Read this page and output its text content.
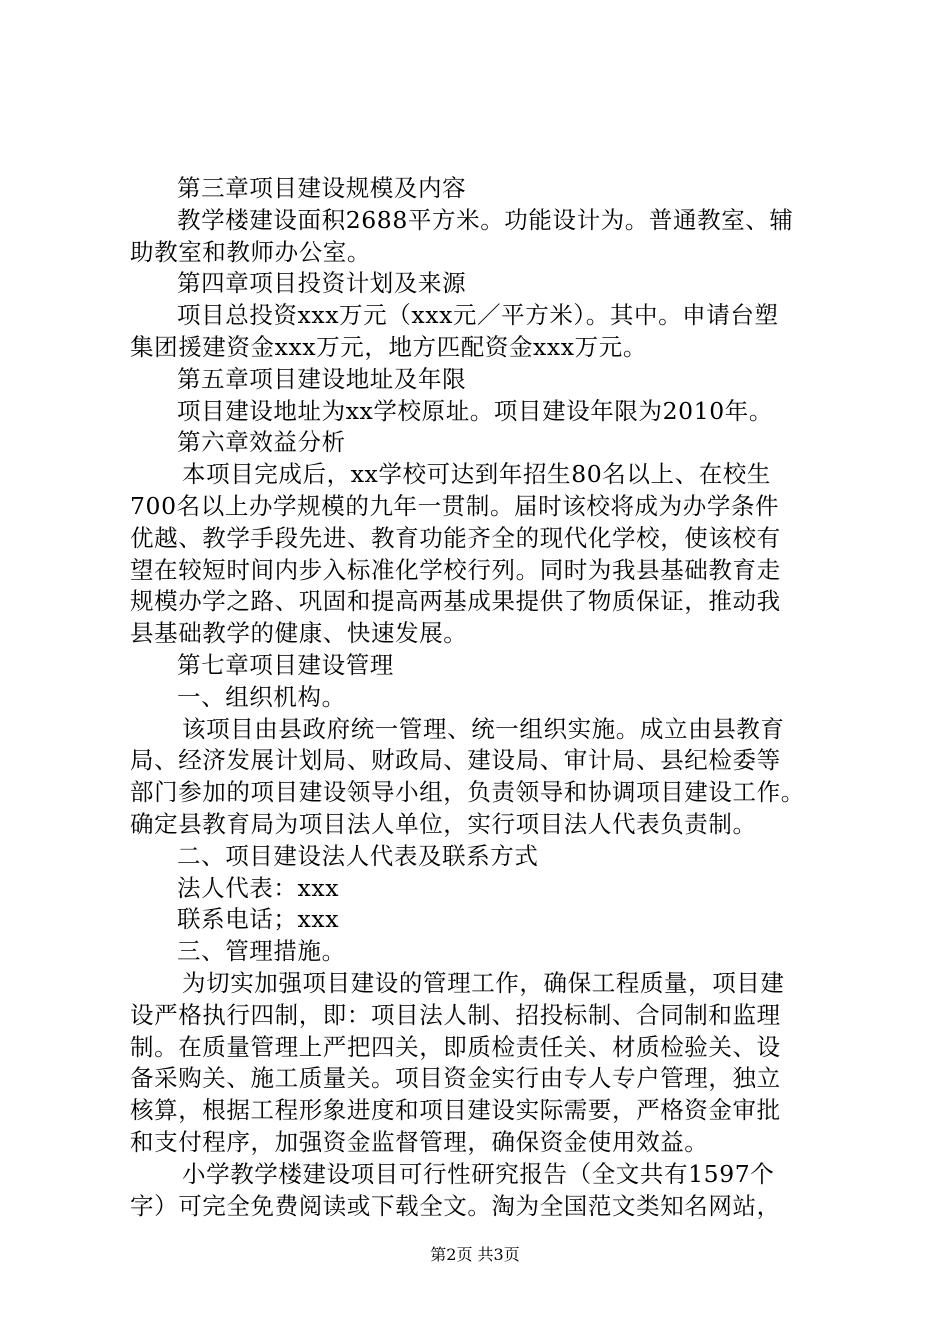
第三章项目建设规模及内容
教学楼建设面积2688平方米。功能设计为。普通教室、辅
助教室和教师办公室。
第四章项目投资计划及来源
项目总投资xxx万元（xxx元／平方米）。其中。申请台塑
集团援建资金xxx万元，地方匹配资金xxx万元。
第五章项目建设地址及年限
项目建设地址为xx学校原址。项目建设年限为2010年。
第六章效益分析
本项目完成后，xx学校可达到年招生80名以上、在校生
700名以上办学规模的九年一贯制。届时该校将成为办学条件
优越、教学手段先进、教育功能齐全的现代化学校，使该校有
望在较短时间内步入标准化学校行列。同时为我县基础教育走
规模办学之路、巩固和提高两基成果提供了物质保证，推动我
县基础教学的健康、快速发展。
第七章项目建设管理
一、组织机构。
该项目由县政府统一管理、统一组织实施。成立由县教育
局、经济发展计划局、财政局、建设局、审计局、县纪检委等
部门参加的项目建设领导小组，负责领导和协调项目建设工作。
确定县教育局为项目法人单位，实行项目法人代表负责制。
二、项目建设法人代表及联系方式
法人代表：xxx
联系电话；xxx
三、管理措施。
为切实加强项目建设的管理工作，确保工程质量，项目建
设严格执行四制，即：项目法人制、招投标制、合同制和监理
制。在质量管理上严把四关，即质检责任关、材质检验关、设
备采购关、施工质量关。项目资金实行由专人专户管理，独立
核算，根据工程形象进度和项目建设实际需要，严格资金审批
和支付程序，加强资金监督管理，确保资金使用效益。
小学教学楼建设项目可行性研究报告（全文共有1597个
字）可完全免费阅读或下载全文。淘为全国范文类知名网站，
第2页 共3页
